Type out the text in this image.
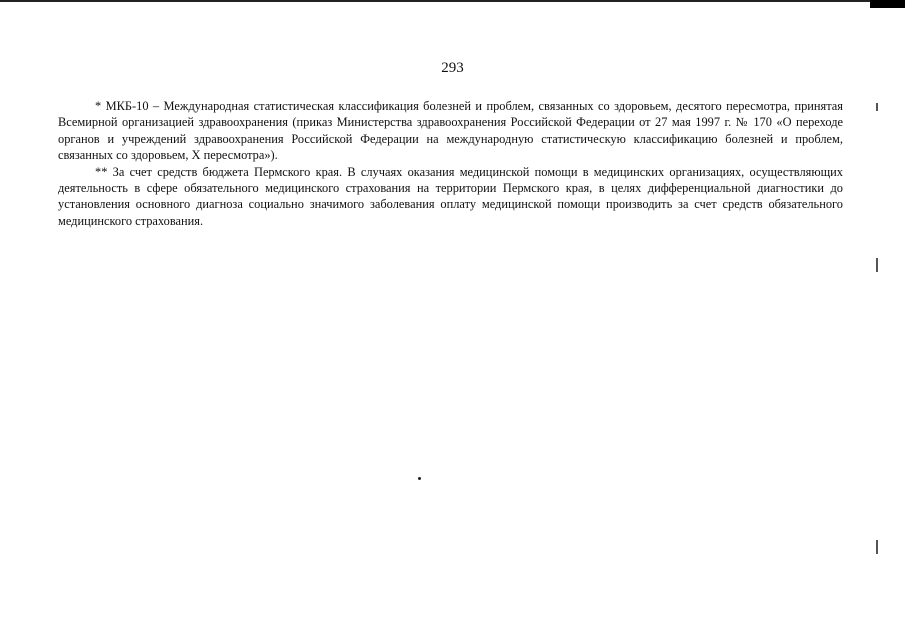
293

* МКБ-10 – Международная статистическая классификация болезней и проблем, связанных со здоровьем, десятого пересмотра, принятая Всемирной организацией здравоохранения (приказ Министерства здравоохранения Российской Федерации от 27 мая 1997 г. № 170 «О переходе органов и учреждений здравоохранения Российской Федерации на международную статистическую классификацию болезней и проблем, связанных со здоровьем, X пересмотра»).

** За счет средств бюджета Пермского края. В случаях оказания медицинской помощи в медицинских организациях, осуществляющих деятельность в сфере обязательного медицинского страхования на территории Пермского края, в целях дифференциальной диагностики до установления основного диагноза социально значимого заболевания оплату медицинской помощи производить за счет средств обязательного медицинского страхования.
